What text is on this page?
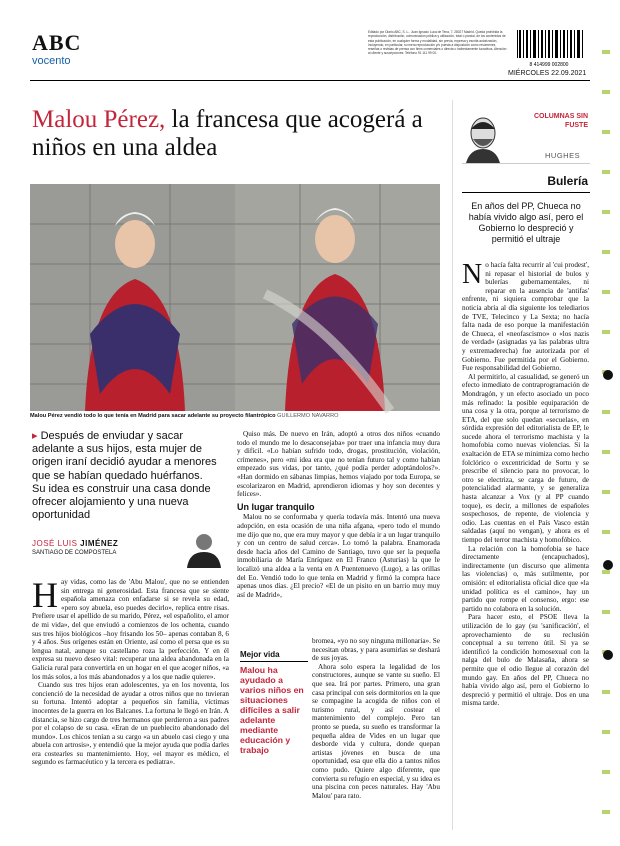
ABC
vocento
Editado por Diario ABC, S. L., Juan Ignacio Luca de Tena, 7, 28027 Madrid. Queda prohibida la reproducción, distribución, comunicación pública y utilización, total o parcial, de los contenidos de esta publicación, en cualquier forma y modalidad, sin previa, expresa y escrita autorización, incluyendo, en particular, su mera reproducción y/o puesta a disposición como resúmenes, reseñas o revistas de prensa con fines comerciales o directa o indirectamente lucrativos. Atención al cliente y suscripciones: Teléfono 91 111 99 00.
8 414999 002800
MIÉRCOLES 22.09.2021
Malou Pérez, la francesa que acogerá a niños en una aldea
Malou Pérez vendió todo lo que tenía en Madrid para sacar adelante su proyecto filantrópico GUILLERMO NAVARRO
▸ Después de enviudar y sacar adelante a sus hijos, esta mujer de origen iraní decidió ayudar a menores que se habían quedado huérfanos. Su idea es construir una casa donde ofrecer alojamiento y una nueva oportunidad
JOSÉ LUIS JIMÉNEZ
SANTIAGO DE COMPOSTELA
H ay vidas, como las de 'Abu Malou', que no se entienden sin entrega ni generosidad. Esta francesa que se siente española amenaza con enfadarse si se revela su edad, «pero soy abuela, eso puedes decirlo», replica entre risas. Prefiere usar el apellido de su marido, Pérez, «el españolito, el amor de mi vida», del que enviudó a comienzos de los ochenta, cuando sus tres hijos biológicos –hoy frisando los 50– apenas contaban 8, 6 y 4 años. Sus orígenes están en Oriente, así como el persa que es su lengua natal, aunque su castellano roza la perfección. Y en él expresa su nuevo deseo vital: recuperar una aldea abandonada en la Galicia rural para convertirla en un hogar en el que acoger niños, «a los más solos, a los más abandonados y a los que nadie quiere».

Cuando sus tres hijos eran adolescentes, ya en los noventa, los concienció de la necesidad de ayudar a otros niños que no tuvieran su fortuna. Intentó adoptar a pequeños sin familia, víctimas inocentes de la guerra en los Balcanes. La fortuna le llegó en Irán. A distancia, se hizo cargo de tres hermanos que perdieron a sus padres por el colapso de su casa. «Eran de un pueblecito abandonado del mundo». Los chicos tenían a su cargo «a un abuelo casi ciego y una abuela con artrosis», y entendió que la mejor ayuda que podía darles era costearles su mantenimiento. Hoy, «el mayor es médico, el segundo es farmacéutico y la tercera es pediatra».

Quiso más. De nuevo en Irán, adoptó a otros dos niños «cuando todo el mundo me lo desaconsejaba» por traer una infancia muy dura y difícil. «Lo habían sufrido todo, drogas, prostitución, violación, crímenes», pero «mi idea era que no tenían futuro tal y como habían empezado sus vidas, por tanto, ¿qué podía perder adoptándolos?». «Han dormido en sábanas limpias, hemos viajado por toda Europa, se escolarizaron en Madrid, aprendieron idiomas y hoy son decentes y felices».

Un lugar tranquilo

Malou no se conformaba y quería todavía más. Intentó una nueva adopción, en esta ocasión de una niña afgana, «pero todo el mundo me dijo que no, que era muy mayor y que debía ir a un lugar tranquilo y con un centro de salud cerca». Lo tomó la palabra. Enamorada desde hacía años del Camino de Santiago, tuvo que ser la pequeña inmobiliaria de María Enríquez en El Franco (Asturias) la que le localizó una aldea a la venta en A Puentenuevo (Lugo), a las orillas del Eo. Vendió todo lo que tenía en Madrid y firmó la compra hace apenas unos días. ¿El precio? «El de un pisito en un barrio muy muy así de Madrid»,

Mejor vida
Malou ha ayudado a varios niños en situaciones difíciles a salir adelante mediante educación y trabajo

bromea, «yo no soy ninguna millonaria». Se necesitan obras, y para asumirlas se deshará de sus joyas.

Ahora solo espera la legalidad de los constructores, aunque se vante su sueño. El que sea. Irá por partes. Primero, una gran casa principal con seis dormitorios en la que se compagine la acogida de niños con el turismo rural, y así costear el mantenimiento del complejo. Pero tan pronto se pueda, su sueño es transformar la pequeña aldea de Vides en un lugar que desborde vida y cultura, donde quepan artistas jóvenes en busca de una oportunidad, esa que ella dio a tantos niños como pudo. Quiere algo diferente, que convierta su refugio en especial, y su idea es una piscina con peces naturales. Hay 'Abu Malou' para rato.

COLUMNAS SIN FUSTE
HUGHES
Bulería
En años del PP, Chueca no había vivido algo así, pero el Gobierno lo despreció y permitió el ultraje
N o hacía falta recurrir al 'cui prodest', ni repasar el historial de bulos y bulerías gubernamentales, ni reparar en la ausencia de 'antifas' enfrente, ni siquiera comprobar que la noticia abría al día siguiente los telediarios de TVE, Telecinco y La Sexta; no hacía falta nada de eso porque la manifestación de Chueca, el «neofascismo» o «los nazis de verdad» (asignadas ya las palabras ultra y extremaderecha) fue autorizada por el Gobierno. Fue permitida por el Gobierno. Fue responsabilidad del Gobierno.

Al permitirlo, al casualidad, se generó un efecto inmediato de contraprogramación de Mondragón, y un efecto asociado un poco más refinado: la posible equiparación de una cosa y la otra, porque al terrorismo de ETA, del que solo quedan «secuelas», en sórdida expresión del editorialista de EP, le sucede ahora el terrorismo machista y la homofobia como nuevas violencias. Si la exaltación de ETA se minimiza como hecho folclórico o excentricidad de Sortu y se prescribe el silencio para no provocar, lo otro se electriza, se carga de futuro, de potencialidad alarmante, y se generaliza hasta alcanzar a Vox (y al PP cuando toque), es decir, a millones de españoles sospechosos, de repente, de violencia y odio. Las cuentas en el País Vasco están saldadas (aquí no vengan), y ahora es el tiempo del terror machista y homofóbico.

La relación con la homofobia se hace directamente (encapuchados), indirectamente (un discurso que alimenta las violencias) o, más sutilmente, por omisión: el editorialista oficial dice que «la unidad política es el camino», hay un partido que rompe el consenso, ergo: ese partido no colabora en la solución.

Para hacer esto, el PSOE lleva la utilización de lo gay (su 'sanificación', el aprovechamiento de su reclusión conceptual a su terreno útil. Si ya se identificó la condición homosexual con la nalga del bulo de Malasaña, ahora se permite que el odio llegue al corazón del mundo gay. En años del PP, Chueca no había vivido algo así, pero el Gobierno lo despreció y permitió el ultraje. Dos en una misma tarde.
